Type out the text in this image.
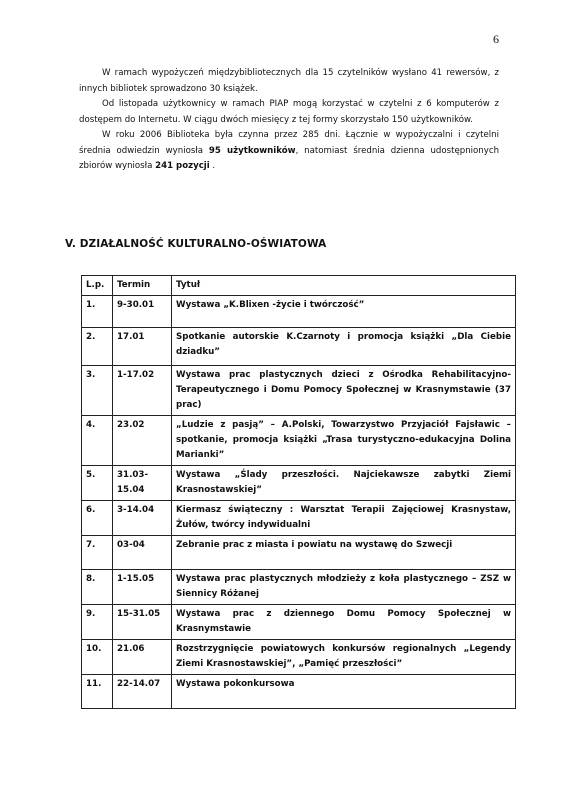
6

W ramach wypożyczeń międzybibliotecznych dla 15 czytelników wysłano 41 rewersów, z innych bibliotek sprowadzono 30 książek.

Od listopada użytkownicy w ramach PIAP mogą korzystać w czytelni z 6 komputerów z dostępem do Internetu. W ciągu dwóch miesięcy z tej formy skorzystało 150 użytkowników.

W roku 2006 Biblioteka była czynna przez 285 dni. Łącznie w wypożyczalni i czytelni średnia odwiedzin wyniosła 95 użytkowników, natomiast średnia dzienna udostępnionych zbiorów wyniosła 241 pozycji .

V. DZIAŁALNOŚĆ KULTURALNO-OŚWIATOWA
L.p.	Termin	Tytuł
1.	9-30.01	Wystawa „K.Blixen -życie i twórczość”
2.	17.01	Spotkanie autorskie K.Czarnoty i promocja książki „Dla Ciebie dziadku”
3.	1-17.02	Wystawa prac plastycznych dzieci z Ośrodka Rehabilitacyjno-Terapeutycznego i Domu Pomocy Społecznej w Krasnymstawie (37 prac)
4.	23.02	„Ludzie z pasją” – A.Polski, Towarzystwo Przyjaciół Fajsławic – spotkanie, promocja książki „Trasa turystyczno-edukacyjna Dolina Marianki”
5.	31.03-15.04	Wystawa „Ślady przeszłości. Najciekawsze zabytki Ziemi Krasnostawskiej”
6.	3-14.04	Kiermasz świąteczny : Warsztat Terapii Zajęciowej Krasnystaw, Żułów, twórcy indywidualni
7.	03-04	Zebranie prac z miasta i powiatu na wystawę do Szwecji
8.	1-15.05	Wystawa prac plastycznych młodzieży z koła plastycznego – ZSZ w Siennicy Różanej
9.	15-31.05	Wystawa prac z dziennego Domu Pomocy Społecznej w Krasnymstawie
10.	21.06	Rozstrzygnięcie powiatowych konkursów regionalnych „Legendy Ziemi Krasnostawskiej”, „Pamięć przeszłości”
11.	22-14.07	Wystawa pokonkursowa
